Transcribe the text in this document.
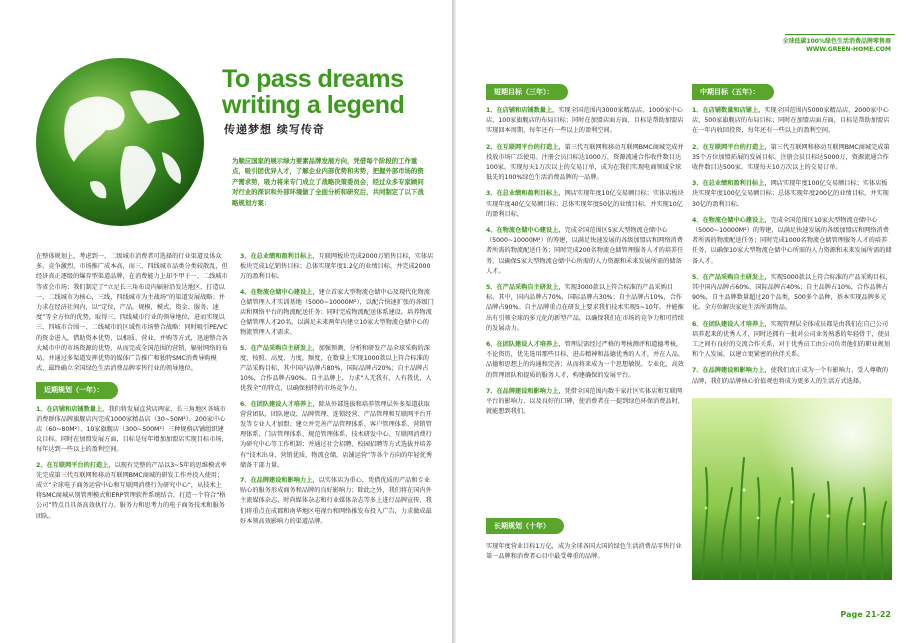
To pass dreams
writing a legend
传递梦想 续写传奇
为顺应国家的展示绿力要素品牌发展方向，凭借每个阶段的工作重点，吸引团优异人才，了解企业内部优势和劣势，把握外部市场的资产需求势，吸力将来专门成立了战略决策委员会，经过众多专家顾问对行业的深识和外部环境做了全面分析和研究后，共同制定了以下战略规划方案：

在整体规划上，考虑到一、二级城市消费者可选择的行业渠道及体众多，竞争激烈，市场推广成本高，而三、四线城市品类分类较散乱，但经济真正逐级的爆存型渠道品牌，在消费能力上却不甲于一、二线城市等省会市场；我们制定了“立足长三角布设内辐射沿发达地区，打造以一、二线城市为核心，三线、四线城市为主战场”的渠道发展战略；并力求在经济社间内，以“定位，产品，规模，模式、资金、服务、速度”等全方位的优势，取得三、四线城市行业的领导地位，进而实现以三、四城市合围一、二线城市的区域性市场整合战略：同时吸引PE/VC的资金进入，借助资本优势，以相质、营业、并购等方式，迅速整合各大城市中的市场资源的优势，从而完成全国范围的营销，辐射网络的布局，并通过多渠道发挥优势的媒体广告推广和独特SMC消费导购模式，最终确立全国绿色生活消费品牌零售行业的领导地位。

近期规划（一年）：

1、在店铺和店铺数量上，我们将发展直营店两家、长三角地区各城市消费群体品牌旗舰店内完成1000家精品店（30~50M²）、200家中心店（60~80M²）、10家旗舰店（300~500M²）三种规格店铺组织建议目标。同时在加盟发展方面，目标是每年增加加盟店实现目标市场，每年达到一些以上的盈利空间。

2、在互联网平台的打造上，以现有完整的产品以3~5年的思维模式率先完成第三代互联网和移动互联网BMC商城的研发工作并投入使用；成立“全球电子商务运营中心和互联网消费行为研究中心”，从技术上将SMC商城从别管理模式和ERP管理软件系统结合，打造一个符合“格公司”特点且具备高效执行力、服务力和思考力的电子商务技术和服务团队。

3、在总业绩和盈利目标上，互联网板块完成2000万销售目标，实体店板块完成1亿销售目标；总体实现年度1.2亿的业绩目标，并完成2000万的盈利目标。

4、在物流仓储中心建设上，建立首家大型物流仓储中心及现代化物流仓储管理人才实训基地（5000~10000M²），以配合快速扩张的各级门店和网络平台的物流配送任务；同时完成物流配送体系建设。培养物流仓储管理人才20名，以满足未来两年内建立10家大型物流仓储中心的物流管理人才需求。

5、在产品采购自主研发上，加强预测、分析和研发产品全球采购的深度，按照、高度、力度，频度，在数量上实现1000款以上符合标准的产品采购目标，其中国内品牌占80%，国际品牌占20%；自主品牌占10%，合作品牌占90%。自主品牌上，力求“人无我有、人有我优、人优我全”的特点，以确保独特的市场竞争力。

6、在团队建设人才培养上，除从外部选拔和培养管理层外多渠道获取营营团队，团队建设、品牌管理、连锁经营、产品管理和互联网平台开发等专业人才加盟；建立并完善产品管理体系、客户管理体系、营销管理体系、门店管理体系、规范管理体系、技术研发中心、互联网消费行为研究中心等工作机制；并通过社会招聘、校园招聘等方式选拔并培养有“技术出身、营销优质，物流仓储，店铺运营”等各个方向的年轻优秀储备干部力量。

7、在品牌建设和影响力上，以实体店为重心，凭借优质的产品和专业贴心的服务形成商务和品牌的良好影响力；除此之外，我们将在国内外主流媒体杂志、时尚媒体杂志和行业媒体杂志等多上进行品牌宣传，我们将重点在成都和南华地区电视台和网络推发布投入广告，力求做成最好本领高效影响力的渠道品牌。

全球低碳100%绿色生活消费品牌零售商
WWW.GREEN-HOME.COM
短期目标（三年）：

1、在店铺和店铺数量上，实现全国范围内3000家精品店、1000家中心店、100家旗舰店的布局目标；同时在加盟店面方面，目标是帮助加盟店实现回本周期，每年还有一些以上的盈利空间。

2、在互联网平台的打造上，第三代互联网和移动互联网BMC商城完成并投放市场广泛使用。注册会员目标达1000万，资源流通合作收件数目达100家。实现每天1万次以上的交易订单，成为在我们实现电商领域全球低先的100%绿色生活消费品牌的一品牌。

3、在总业绩和盈利目标上，网店实现年度10亿交易额目标；实体店板块实现年度40亿交易额目标；总体实现年度50亿的业绩目标，并实现10亿的盈利目标。

4、在物流仓储中心建设上，完成全国范围区5家大型物流仓储中心（5000~10000M²）的筹建，以满足快速发展的各级加盟店和网络消费者所需的物流配送任务；同时完成200名物流仓储管理服务人才的培养任务，以确保5家大型物流仓储中心所需的人力资源和未来发展所需的储备人才。

5、在产品采购自主研发上，实现3000款以上符合标准的产品采购目标，其中，国内品牌占70%，国际品牌占30%；自主品牌占10%，合作品牌占90%。自主品牌重点在研发上要求我们技术实现5~10年，并能推出有引领全球的多元化的新型产品，以确保我们在市场的竞争力和可持续的发展动力。

6、在团队建设人才培养上，管理层需经过严格的考核测评和道德考核，不论资历，优先选用那些目标、进击精神和品德优秀的人才，并在人品、品德和思想上的沟通和完善；从而将来成为一个思想敏锐、专业化、高效的管理团队和提质的服务人才，构建确保的发展平台。

7、在品牌建设和影响力上，凭借全国范围内数千家社区实体店和互联网平台的影响力，以及良好的口碑，使消费者在一提到绿色环保消费品时，就能想到我们。

长期规划（十年）
实现年度营业目标1万亿，成为全球各国大国的绿色生活消费品零售行业第一品牌和消费者心目中最受尊重的品牌。
中期目标（五年）：

1、在店铺数量和店铺上，实现全国范围内5000家精品店、2000家中心店、500家旗舰店的布局目标；同时在加盟店面方面，目标是帮助加盟店在一年内收回投资，每年还有一些以上的盈利空间。

2、在互联网平台的打造上，第三代互联网和移动互联网BMC商城完成第35个方位加盟拓展的发展目标。注册会员目标达5000万，资源流通合作收件数目达500家。实现每天10万次以上的交易订单。

3、在总业绩和盈利目标上，网店实现年度100亿交易额目标；实体店板块实现年度100亿交易额目标；总体实现年度200亿的业绩目标，并实现30亿的盈利目标。

4、在物流仓储中心建设上，完成全国范围区10家大型物流仓储中心（5000~10000M²）的筹建，以满足快速发展的各级加盟店和网络消费者所需的物流配送任务；同时完成1000名物流仓储管理服务人才的培养任务，以确保10家大型物流仓储中心所需的人力资源和未来发展所需的储备人才。

5、在产品采购自主研发上，实现5000款以上符合标准的产品采购目标，其中国内品牌占60%，国际品牌占40%；自主品牌占10%，合作品牌占90%，自主品牌数量超过20个品类，500多个品种，基本实现品牌多元化。全方位解决家庭生活所需物品。

6、在团队建设人才培养上，实现管理层全体成员都是由我们在自己公司培养起来的优秀人才，同时还拥有一批对公司业务熟悉的年轻骨干，使员工之间有良好的交流合作关系，对于优秀员工由公司负责他们的职业规划和个人发展，以建立更紧密的伙伴关系。

7、在品牌建设和影响力上，使我们真正成为一个有影响力、受人尊敬的品牌，我们的品牌核心价值观也将成为更多人的生活方式选择。

Page 21-22
